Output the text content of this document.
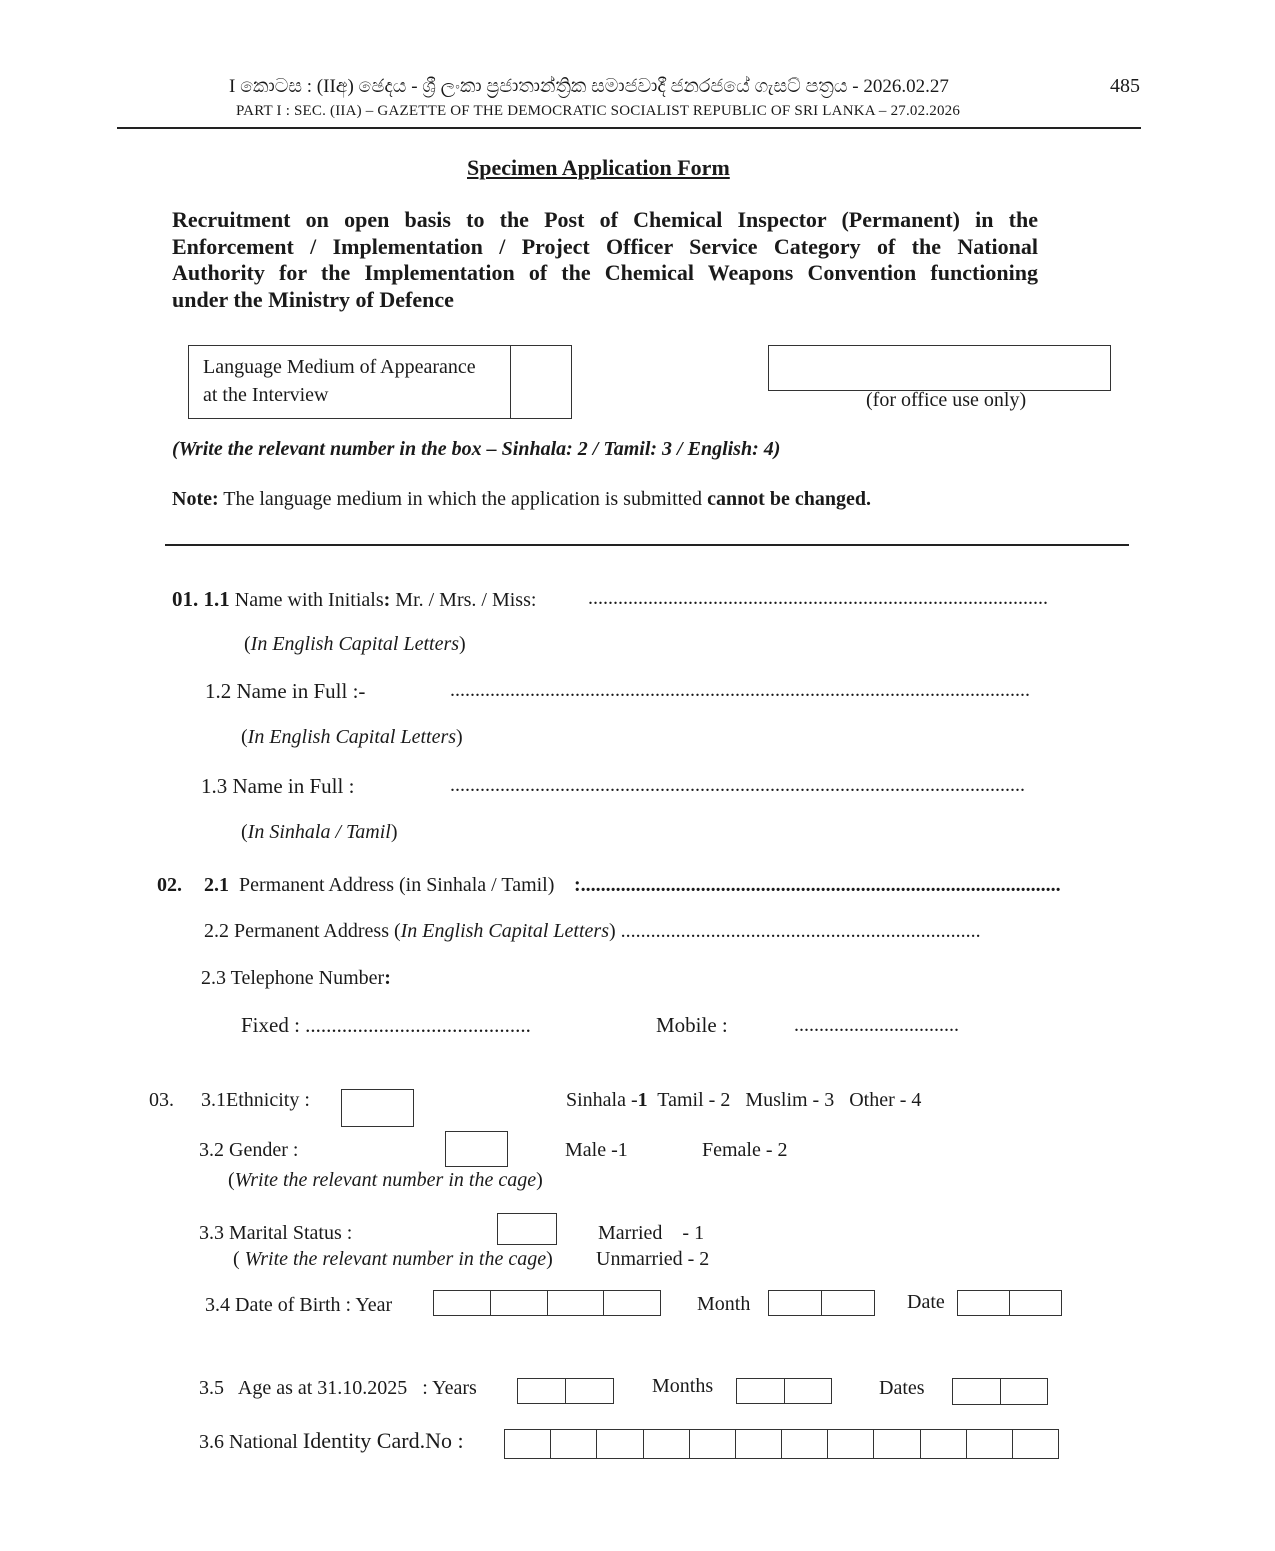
I කොටස : (IIඅ) ඡෙදය - ශ්‍රී ලංකා ප්‍රජාතාන්ත්‍රික සමාජවාදී ජනරජයේ ගැසට් පත්‍රය - 2026.02.27
PART I : SEC. (IIA) – GAZETTE OF THE DEMOCRATIC SOCIALIST REPUBLIC OF SRI LANKA – 27.02.2026
485
Specimen Application Form
Recruitment on open basis to the Post of Chemical Inspector (Permanent) in the
Enforcement / Implementation / Project Officer Service Category of the National
Authority for the Implementation of the Chemical Weapons Convention functioning
under the Ministry of Defence
Language Medium of Appearance
at the Interview	(for office use only)
(Write the relevant number in the box – Sinhala: 2 / Tamil: 3 / English: 4)
Note: The language medium in which the application is submitted cannot be changed.
01. 1.1 Name with Initials: Mr. / Mrs. / Miss:	............................................................................................
(In English Capital Letters)
1.2 Name in Full :-	....................................................................................................................
(In English Capital Letters)
1.3 Name in Full :	...................................................................................................................
(In Sinhala / Tamil)
02. 2.1 Permanent Address (in Sinhala / Tamil) :................................................................................................
2.2 Permanent Address (In English Capital Letters) ........................................................................
2.3 Telephone Number:
Fixed : ...........................................	Mobile :	.................................
03. 3.1Ethnicity :	Sinhala -1  Tamil - 2   Muslim - 3   Other - 4
3.2 Gender :	Male -1	Female - 2
(Write the relevant number in the cage)
3.3 Marital Status :	Married    - 1
( Write the relevant number in the cage) Unmarried - 2
3.4 Date of Birth : Year	Month	Date
3.5   Age as at 31.10.2025   : Years	Months	Dates
3.6 National Identity Card.No :
